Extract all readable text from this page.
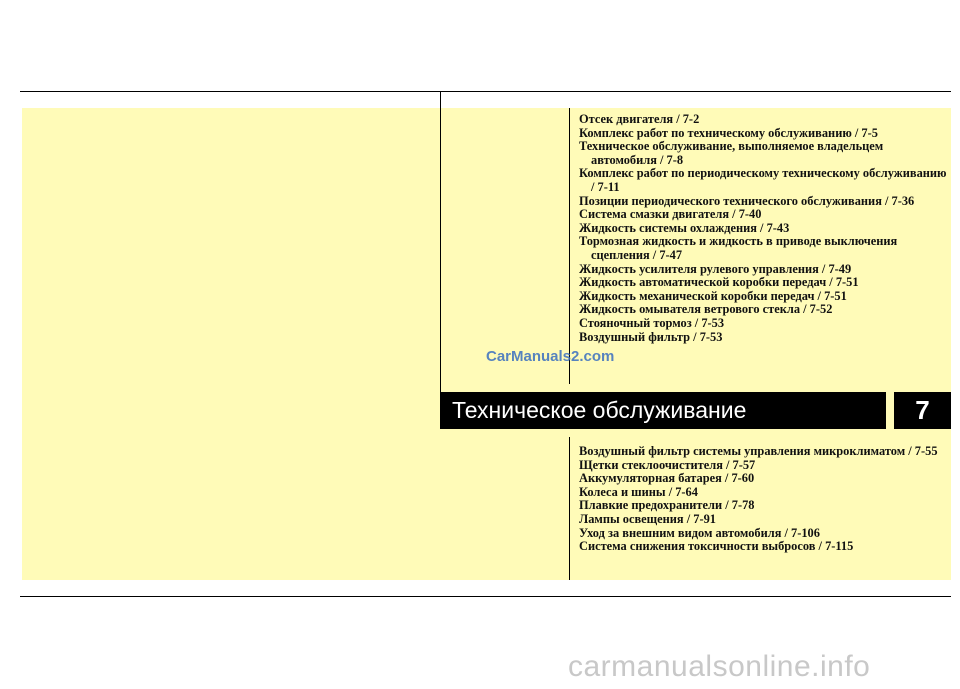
Отсек двигателя / 7-2
Комплекс работ по техническому обслуживанию / 7-5
Техническое обслуживание, выполняемое владельцем автомобиля / 7-8
Комплекс работ по периодическому техническому обслуживанию / 7-11
Позиции периодического технического обслуживания / 7-36
Система смазки двигателя / 7-40
Жидкость системы охлаждения / 7-43
Тормозная жидкость и жидкость в приводе выключения сцепления / 7-47
Жидкость усилителя рулевого управления / 7-49
Жидкость автоматической коробки передач / 7-51
Жидкость механической коробки передач / 7-51
Жидкость омывателя ветрового стекла / 7-52
Стояночный тормоз / 7-53
Воздушный фильтр / 7-53
Техническое обслуживание	7
Воздушный фильтр системы управления микроклиматом / 7-55
Щетки стеклоочистителя / 7-57
Аккумуляторная батарея / 7-60
Колеса и шины / 7-64
Плавкие предохранители / 7-78
Лампы освещения / 7-91
Уход за внешним видом автомобиля / 7-106
Система снижения токсичности выбросов / 7-115
CarManuals2.com
carmanualsonline.info
